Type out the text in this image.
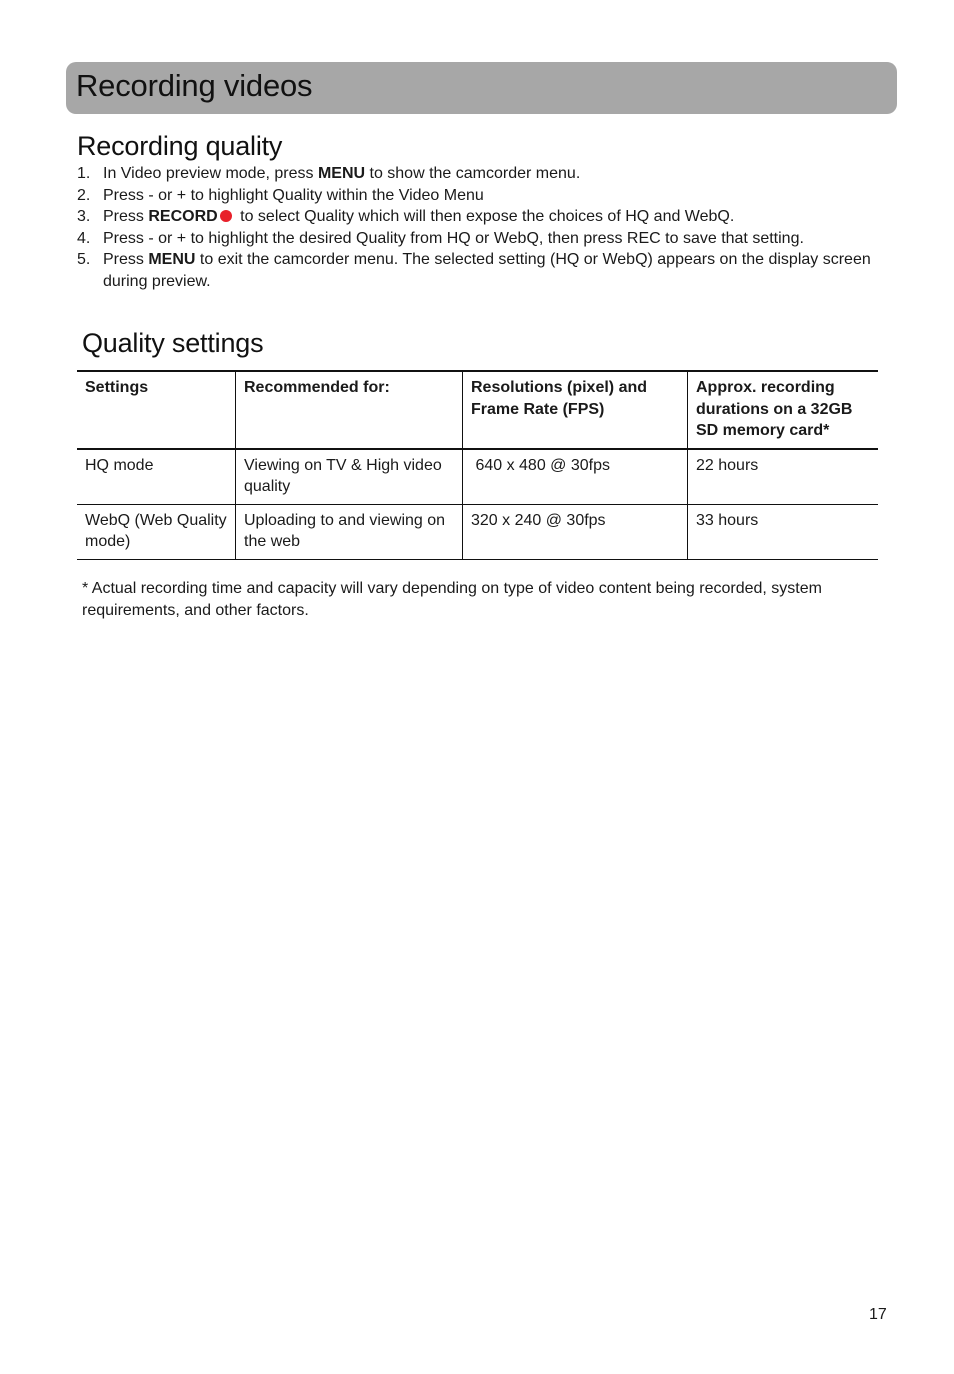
Recording videos
Recording quality
1. In Video preview mode, press MENU to show the camcorder menu.
2. Press - or + to highlight Quality within the Video Menu
3. Press RECORD to select Quality which will then expose the choices of HQ and WebQ.
4. Press - or + to highlight the desired Quality from HQ or WebQ, then press REC to save that setting.
5. Press MENU to exit the camcorder menu. The selected setting (HQ or WebQ) appears on the display screen during preview.
Quality settings
Settings	Recommended for:	Resolutions (pixel) and Frame Rate (FPS)	Approx. recording durations on a 32GB SD memory card*
HQ mode	Viewing on TV & High video quality	640 x 480 @ 30fps	22 hours
WebQ (Web Quality mode)	Uploading to and viewing on the web	320 x 240 @ 30fps	33 hours

* Actual recording time and capacity will vary depending on type of video content being recorded, system requirements, and other factors.

17
